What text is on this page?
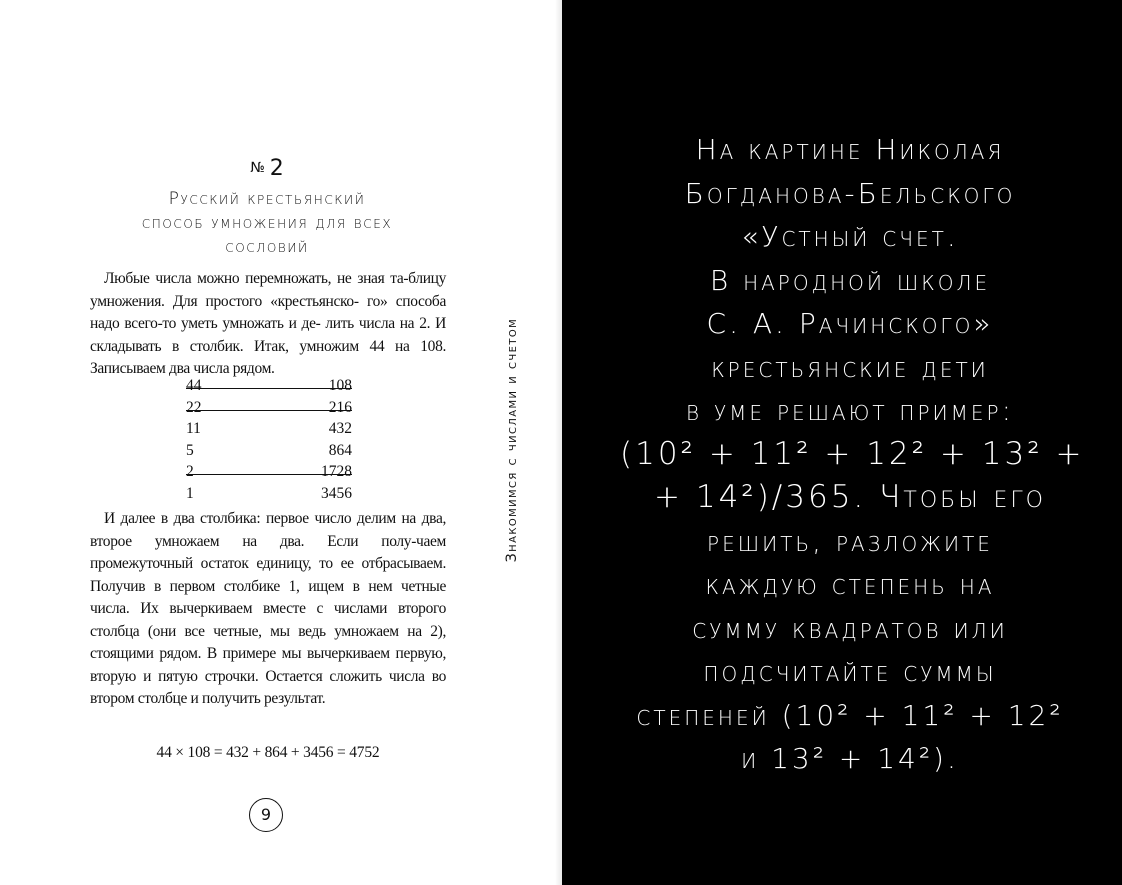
№ 2
Русский крестьянский
способ умножения для всех
сословий

Любые числа можно перемножать, не зная та-блицу умножения. Для простого «крестьянско- го» способа надо всего-то уметь умножать и де- лить числа на 2. И складывать в столбик. Итак, умножим 44 на 108. Записываем два числа рядом.

44	108
22	216
11	432
5	864
2	1728
1	3456

И далее в два столбика: первое число делим на два, второе умножаем на два. Если полу-чаем промежуточный остаток единицу, то ее отбрасываем. Получив в первом столбике 1, ищем в нем четные числа. Их вычеркиваем вместе с числами второго столбца (они все четные, мы ведь умножаем на 2), стоящими рядом. В примере мы вычеркиваем первую, вторую и пятую строчки. Остается сложить числа во втором столбце и получить результат.

44 × 108 = 432 + 864 + 3456 = 4752
9
Знакомимся с числами и счетом
На картине Николая
Богданова-Бельского
«Устный счет.
В народной школе
С. А. Рачинского»
крестьянские дети
в уме решают пример:
(10² + 11² + 12² + 13² +
+ 14²)/365. Чтобы его
решить, разложите
каждую степень на
сумму квадратов или
подсчитайте суммы
степеней (10² + 11² + 12²
и 13² + 14²).
